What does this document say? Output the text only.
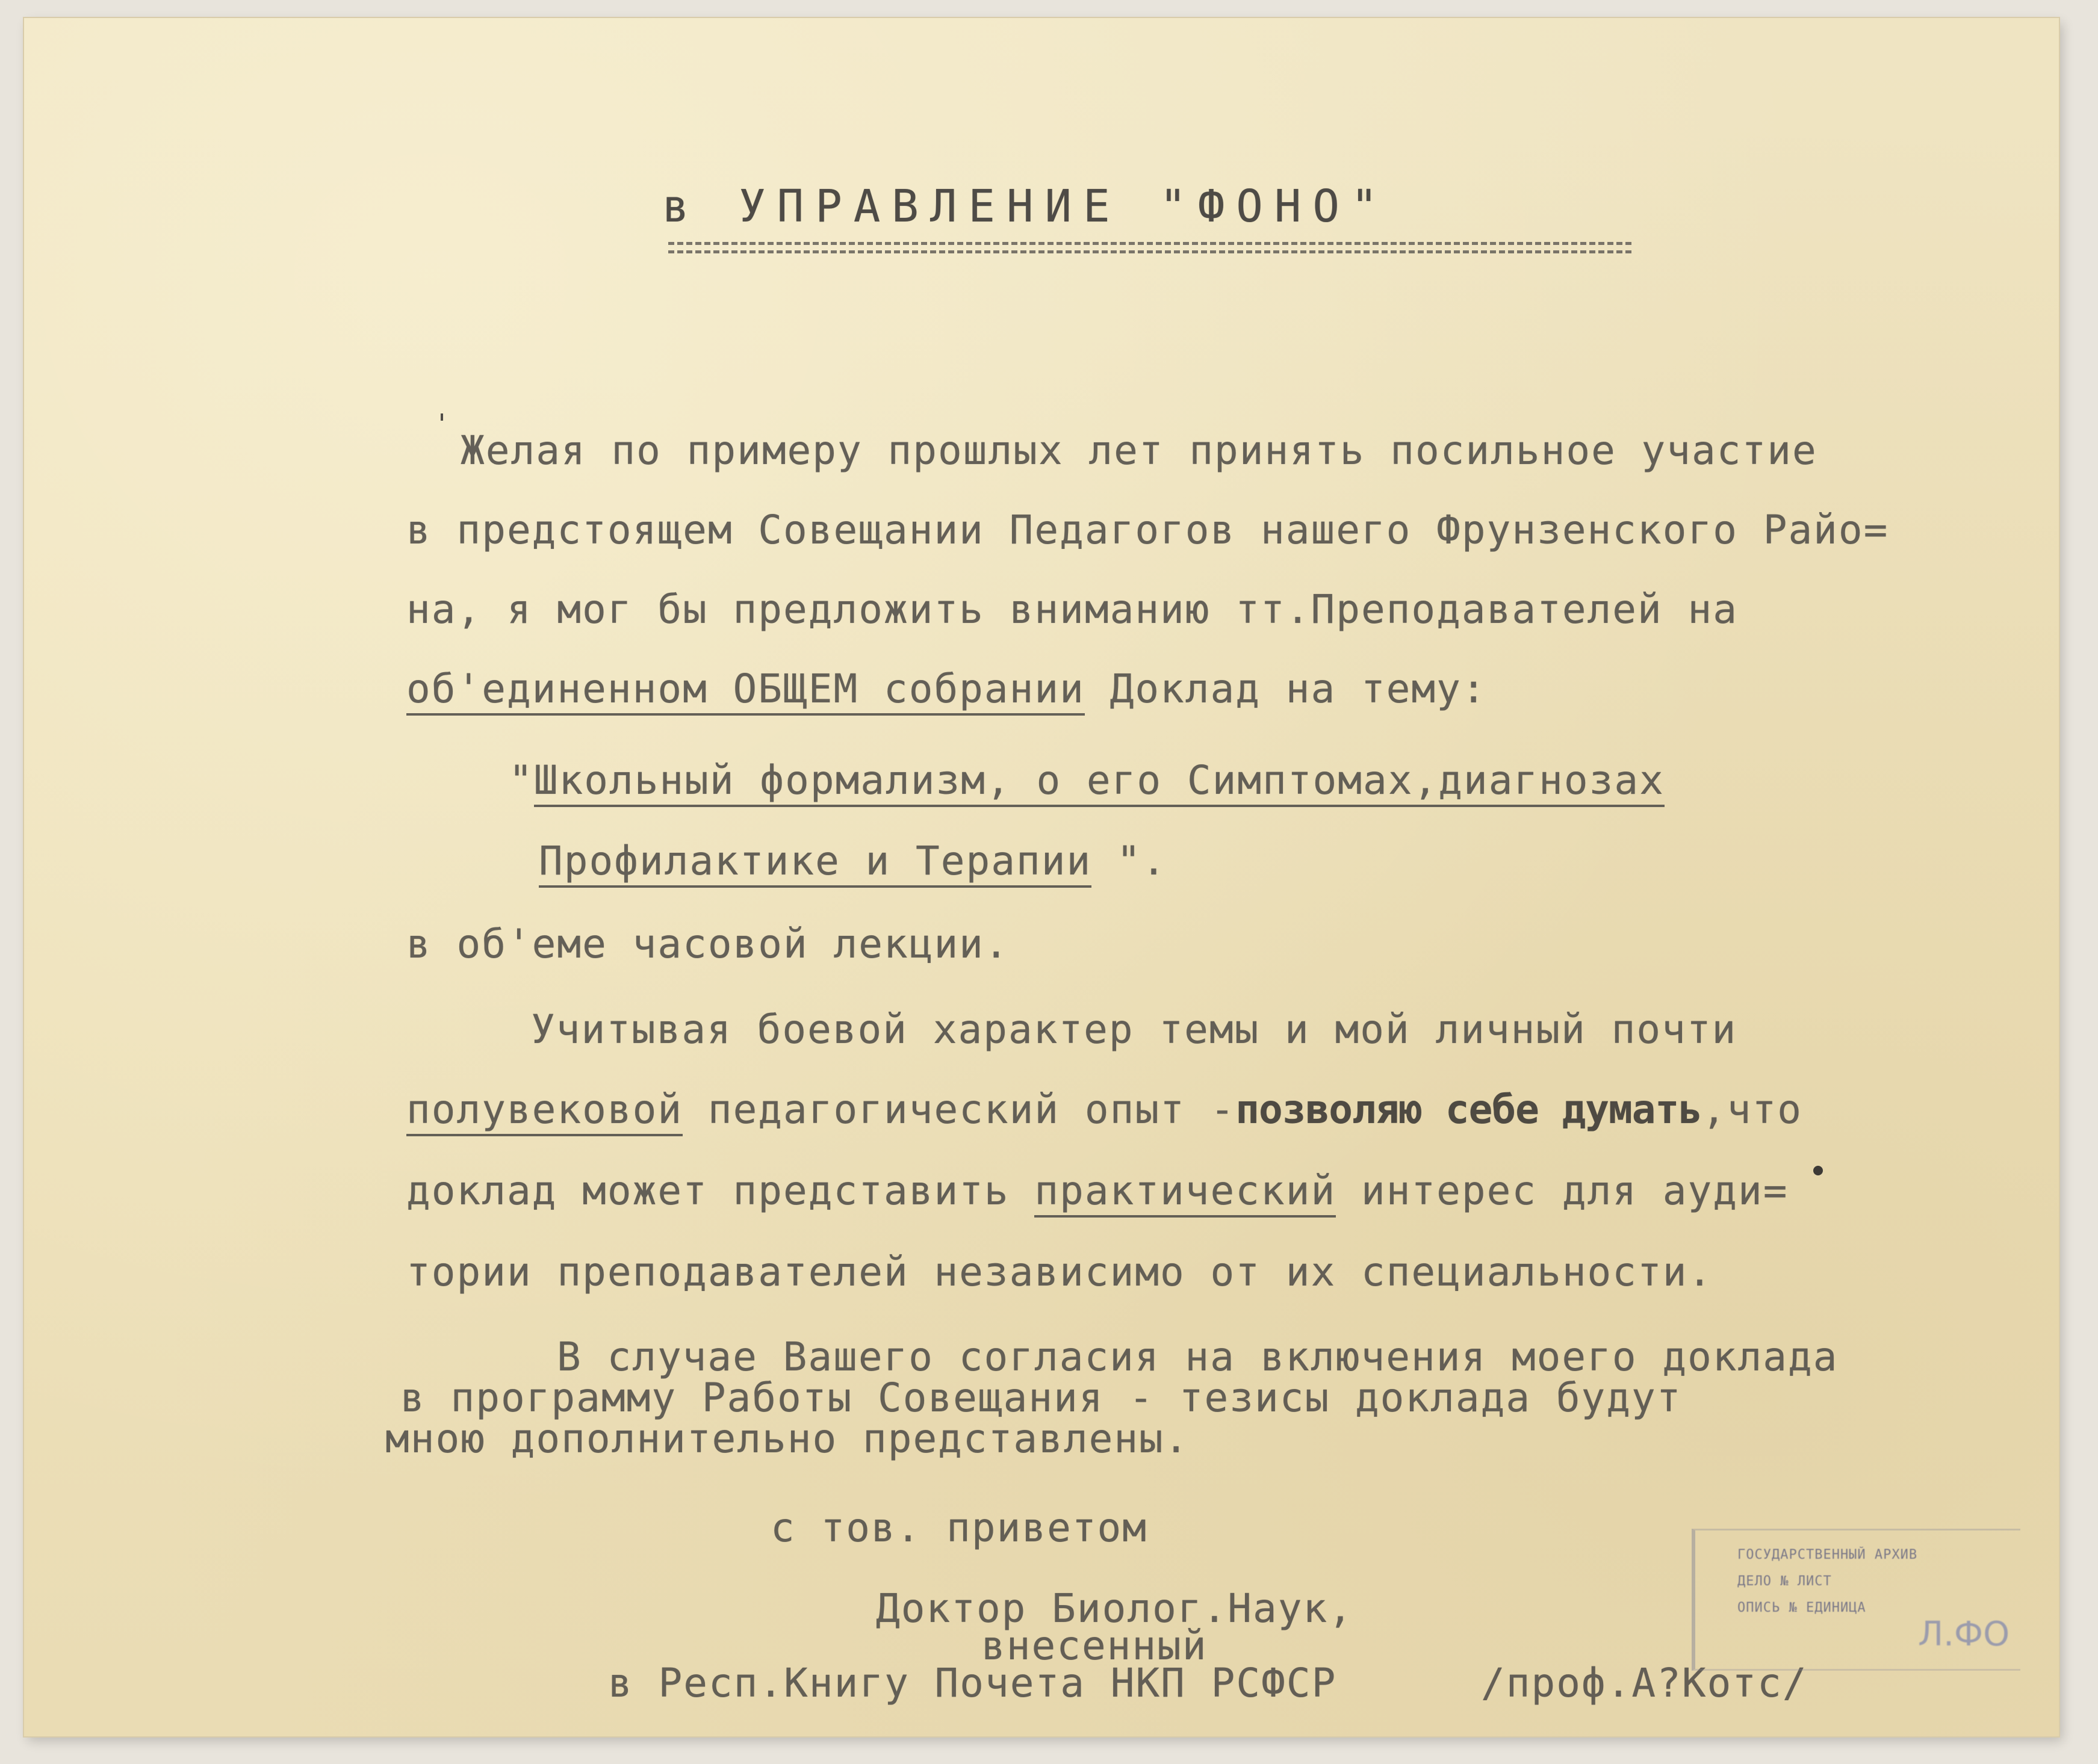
в УПРАВЛЕНИЕ "ФОНО"
Желая по примеру прошлых лет принять посильное участие
в предстоящем Совещании Педагогов нашего Фрунзенского Райо=
на, я мог бы предложить вниманию тт.Преподавателей на
об'единенном ОБЩЕМ собрании Доклад на тему:
"Школьный формализм, о его Симптомах,диагнозах
Профилактике и Терапии ".
в об'еме часовой лекции.
Учитывая боевой характер темы и мой личный почти
полувековой педагогический опыт -позволяю себе думать,что
доклад может представить практический интерес для ауди=
тории преподавателей независимо от их специальности.
В случае Вашего согласия на включения моего доклада
в программу Работы Совещания - тезисы доклада будут
мною дополнительно представлены.
с тов. приветом
Доктор Биолог.Наук,
внесенный
в Респ.Книгу Почета НКП РСФСР	/проф.А?Котс/
ГОСУДАРСТВЕННЫЙ АРХИВ
ДЕЛО № ЛИСТ
ОПИСЬ № ЕДИНИЦА
Л.ФО
